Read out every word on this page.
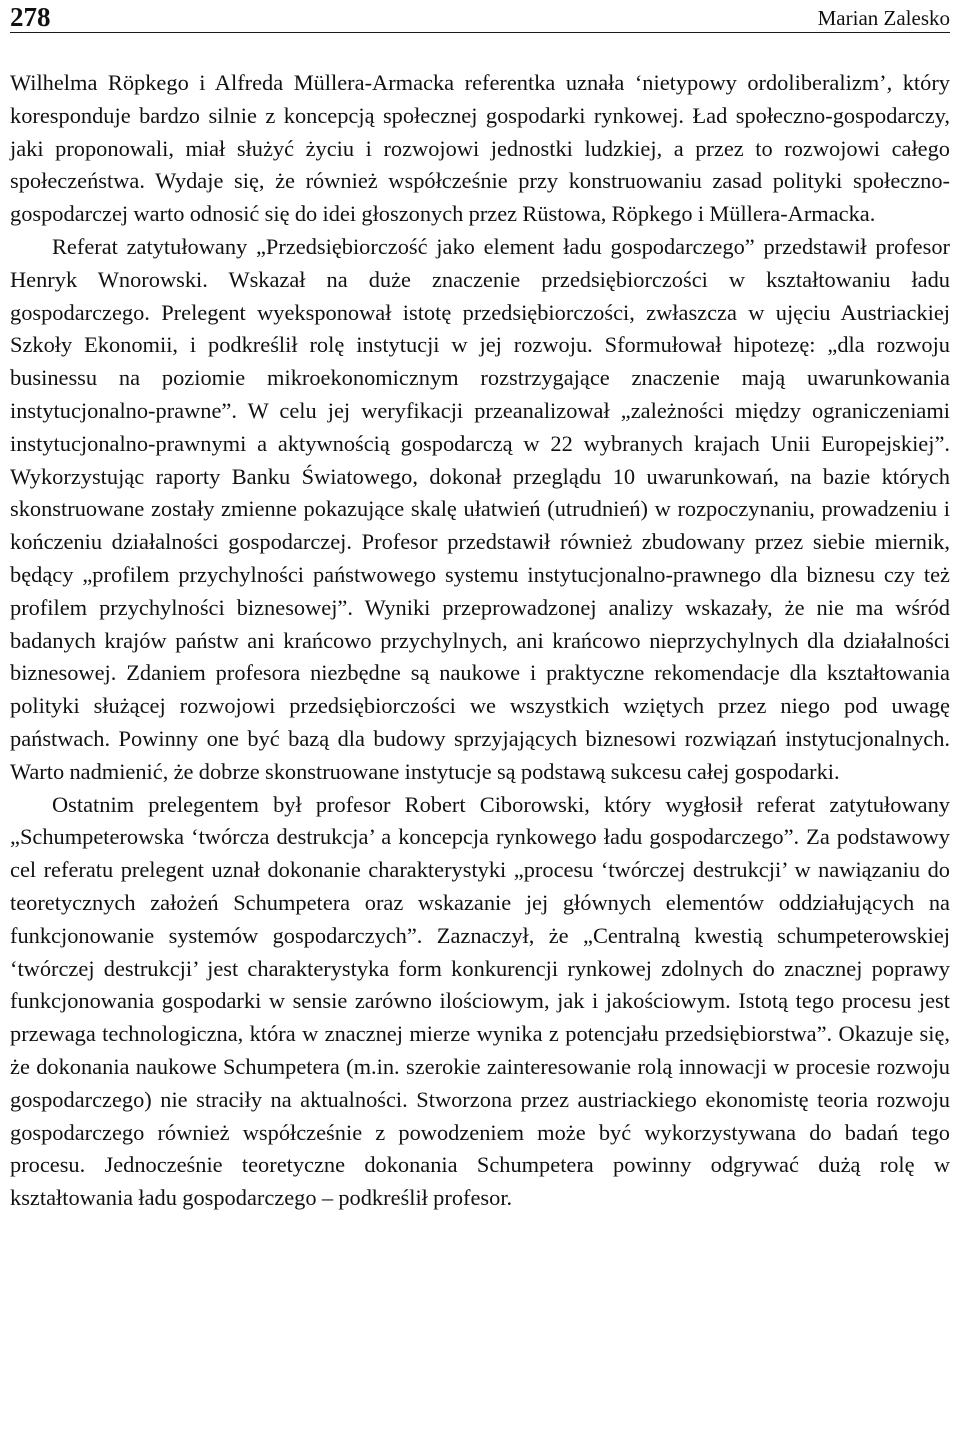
278	Marian Zalesko

Wilhelma Röpkego i Alfreda Müllera-Armacka referentka uznała ‘nietypowy ordoliberalizm’, który koresponduje bardzo silnie z koncepcją społecznej gospodarki rynkowej. Ład społeczno-gospodarczy, jaki proponowali, miał służyć życiu i rozwojowi jednostki ludzkiej, a przez to rozwojowi całego społeczeństwa. Wydaje się, że również współcześnie przy konstruowaniu zasad polityki społeczno-gospodarczej warto odnosić się do idei głoszonych przez Rüstowa, Röpkego i Müllera-Armacka.

Referat zatytułowany „Przedsiębiorczość jako element ładu gospodarczego” przedstawił profesor Henryk Wnorowski. Wskazał na duże znaczenie przedsiębiorczości w kształtowaniu ładu gospodarczego. Prelegent wyeksponował istotę przedsiębiorczości, zwłaszcza w ujęciu Austriackiej Szkoły Ekonomii, i podkreślił rolę instytucji w jej rozwoju. Sformułował hipotezę: „dla rozwoju businessu na poziomie mikroekonomicznym rozstrzygające znaczenie mają uwarunkowania instytucjonalno-prawne”. W celu jej weryfikacji przeanalizował „zależności między ograniczeniami instytucjonalno-prawnymi a aktywnością gospodarczą w 22 wybranych krajach Unii Europejskiej”. Wykorzystując raporty Banku Światowego, dokonał przeglądu 10 uwarunkowań, na bazie których skonstruowane zostały zmienne pokazujące skalę ułatwień (utrudnień) w rozpoczynaniu, prowadzeniu i kończeniu działalności gospodarczej. Profesor przedstawił również zbudowany przez siebie miernik, będący „profilem przychylności państwowego systemu instytucjonalno-prawnego dla biznesu czy też profilem przychylności biznesowej”. Wyniki przeprowadzonej analizy wskazały, że nie ma wśród badanych krajów państw ani krańcowo przychylnych, ani krańcowo nieprzychylnych dla działalności biznesowej. Zdaniem profesora niezbędne są naukowe i praktyczne rekomendacje dla kształtowania polityki służącej rozwojowi przedsiębiorczości we wszystkich wziętych przez niego pod uwagę państwach. Powinny one być bazą dla budowy sprzyjających biznesowi rozwiązań instytucjonalnych. Warto nadmienić, że dobrze skonstruowane instytucje są podstawą sukcesu całej gospodarki.

Ostatnim prelegentem był profesor Robert Ciborowski, który wygłosił referat zatytułowany „Schumpeterowska ‘twórcza destrukcja’ a koncepcja rynkowego ładu gospodarczego”. Za podstawowy cel referatu prelegent uznał dokonanie charakterystyki „procesu ‘twórczej destrukcji’ w nawiązaniu do teoretycznych założeń Schumpetera oraz wskazanie jej głównych elementów oddziałujących na funkcjonowanie systemów gospodarczych”. Zaznaczył, że „Centralną kwestią schumpeterowskiej ‘twórczej destrukcji’ jest charakterystyka form konkurencji rynkowej zdolnych do znacznej poprawy funkcjonowania gospodarki w sensie zarówno ilościowym, jak i jakościowym. Istotą tego procesu jest przewaga technologiczna, która w znacznej mierze wynika z potencjału przedsiębiorstwa”. Okazuje się, że dokonania naukowe Schumpetera (m.in. szerokie zainteresowanie rolą innowacji w procesie rozwoju gospodarczego) nie straciły na aktualności. Stworzona przez austriackiego ekonomistę teoria rozwoju gospodarczego również współcześnie z powodzeniem może być wykorzystywana do badań tego procesu. Jednocześnie teoretyczne dokonania Schumpetera powinny odgrywać dużą rolę w kształtowania ładu gospodarczego – podkreślił profesor.
